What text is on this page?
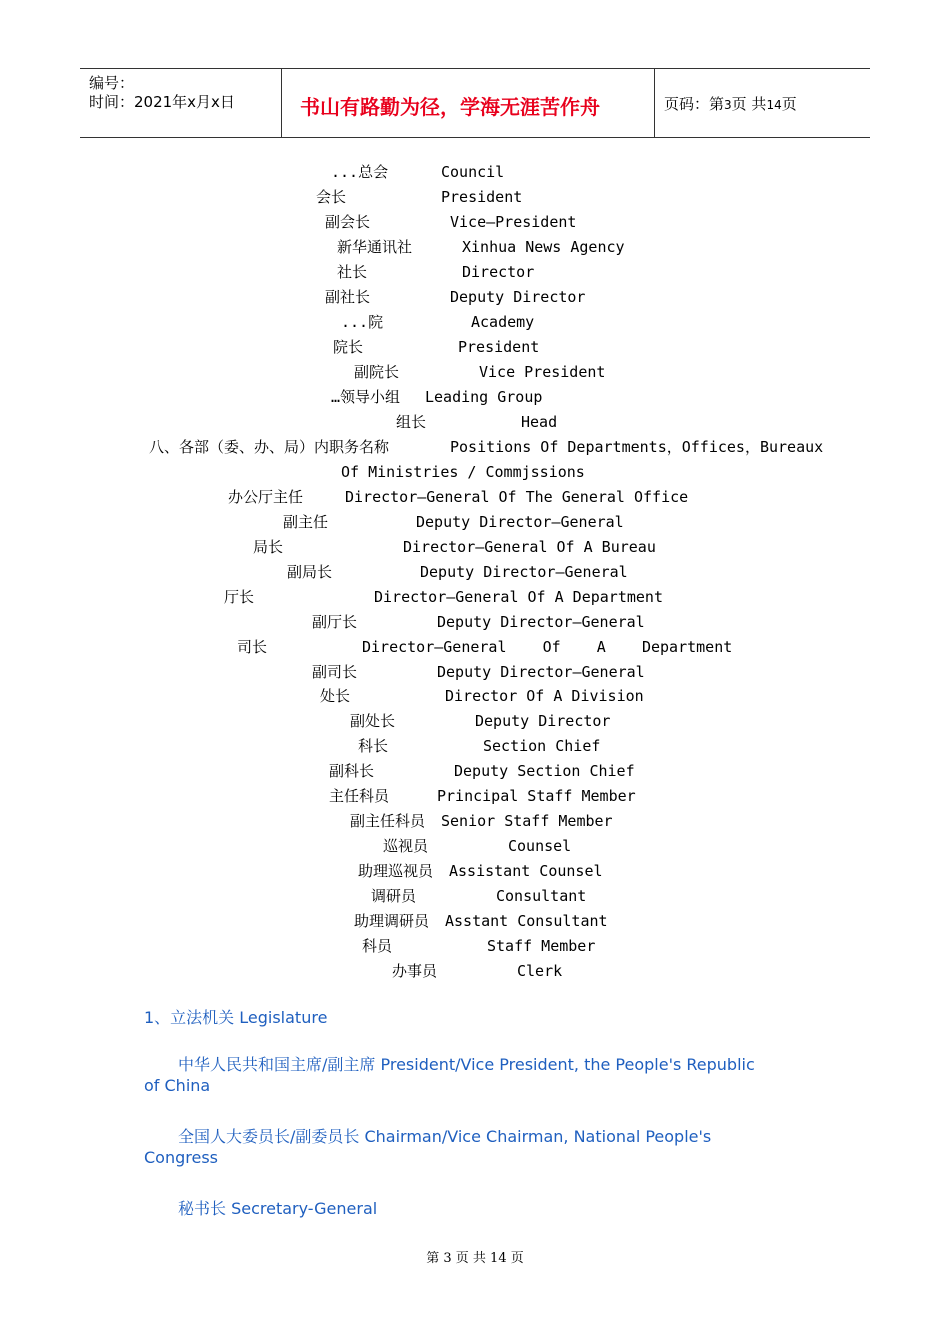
编号：
时间：2021年x月x日	书山有路勤为径，学海无涯苦作舟	页码：第3页 共14页
...总会	Council
会长	President
副会长	Vice—President
新华通讯社	Xinhua News Agency
社长	Director
副社长	Deputy Director
...院	Academy
院长	President
副院长	Vice President
…领导小组 Leading Group
组长	Head
八、各部（委、办、局）内职务名称	Positions Of Departments，Offices，Bureaux
Of Ministries / Commjssions
办公厅主任	Director—General Of The General Office
副主任	Deputy Director—General
局长	Director—General Of A Bureau
副局长	Deputy Director—General
厅长	Director—General Of A Department
副厅长	Deputy Director—General
司长	Director—General    Of    A    Department
副司长	Deputy Director—General
处长	Director Of A Division
副处长	Deputy Director
科长	Section Chief
副科长	Deputy Section Chief
主任科员	Principal Staff Member
副主任科员 Senior Staff Member
巡视员	Counsel
助理巡视员 Assistant Counsel
调研员	Consultant
助理调研员 Asstant Consultant
科员	Staff Member
办事员	Clerk
1、立法机关 Legislature
中华人民共和国主席/副主席 President/Vice President, the People's Republic
of China
全国人大委员长/副委员长 Chairman/Vice Chairman, National People's
Congress
秘书长 Secretary-General
第 3 页 共 14 页
